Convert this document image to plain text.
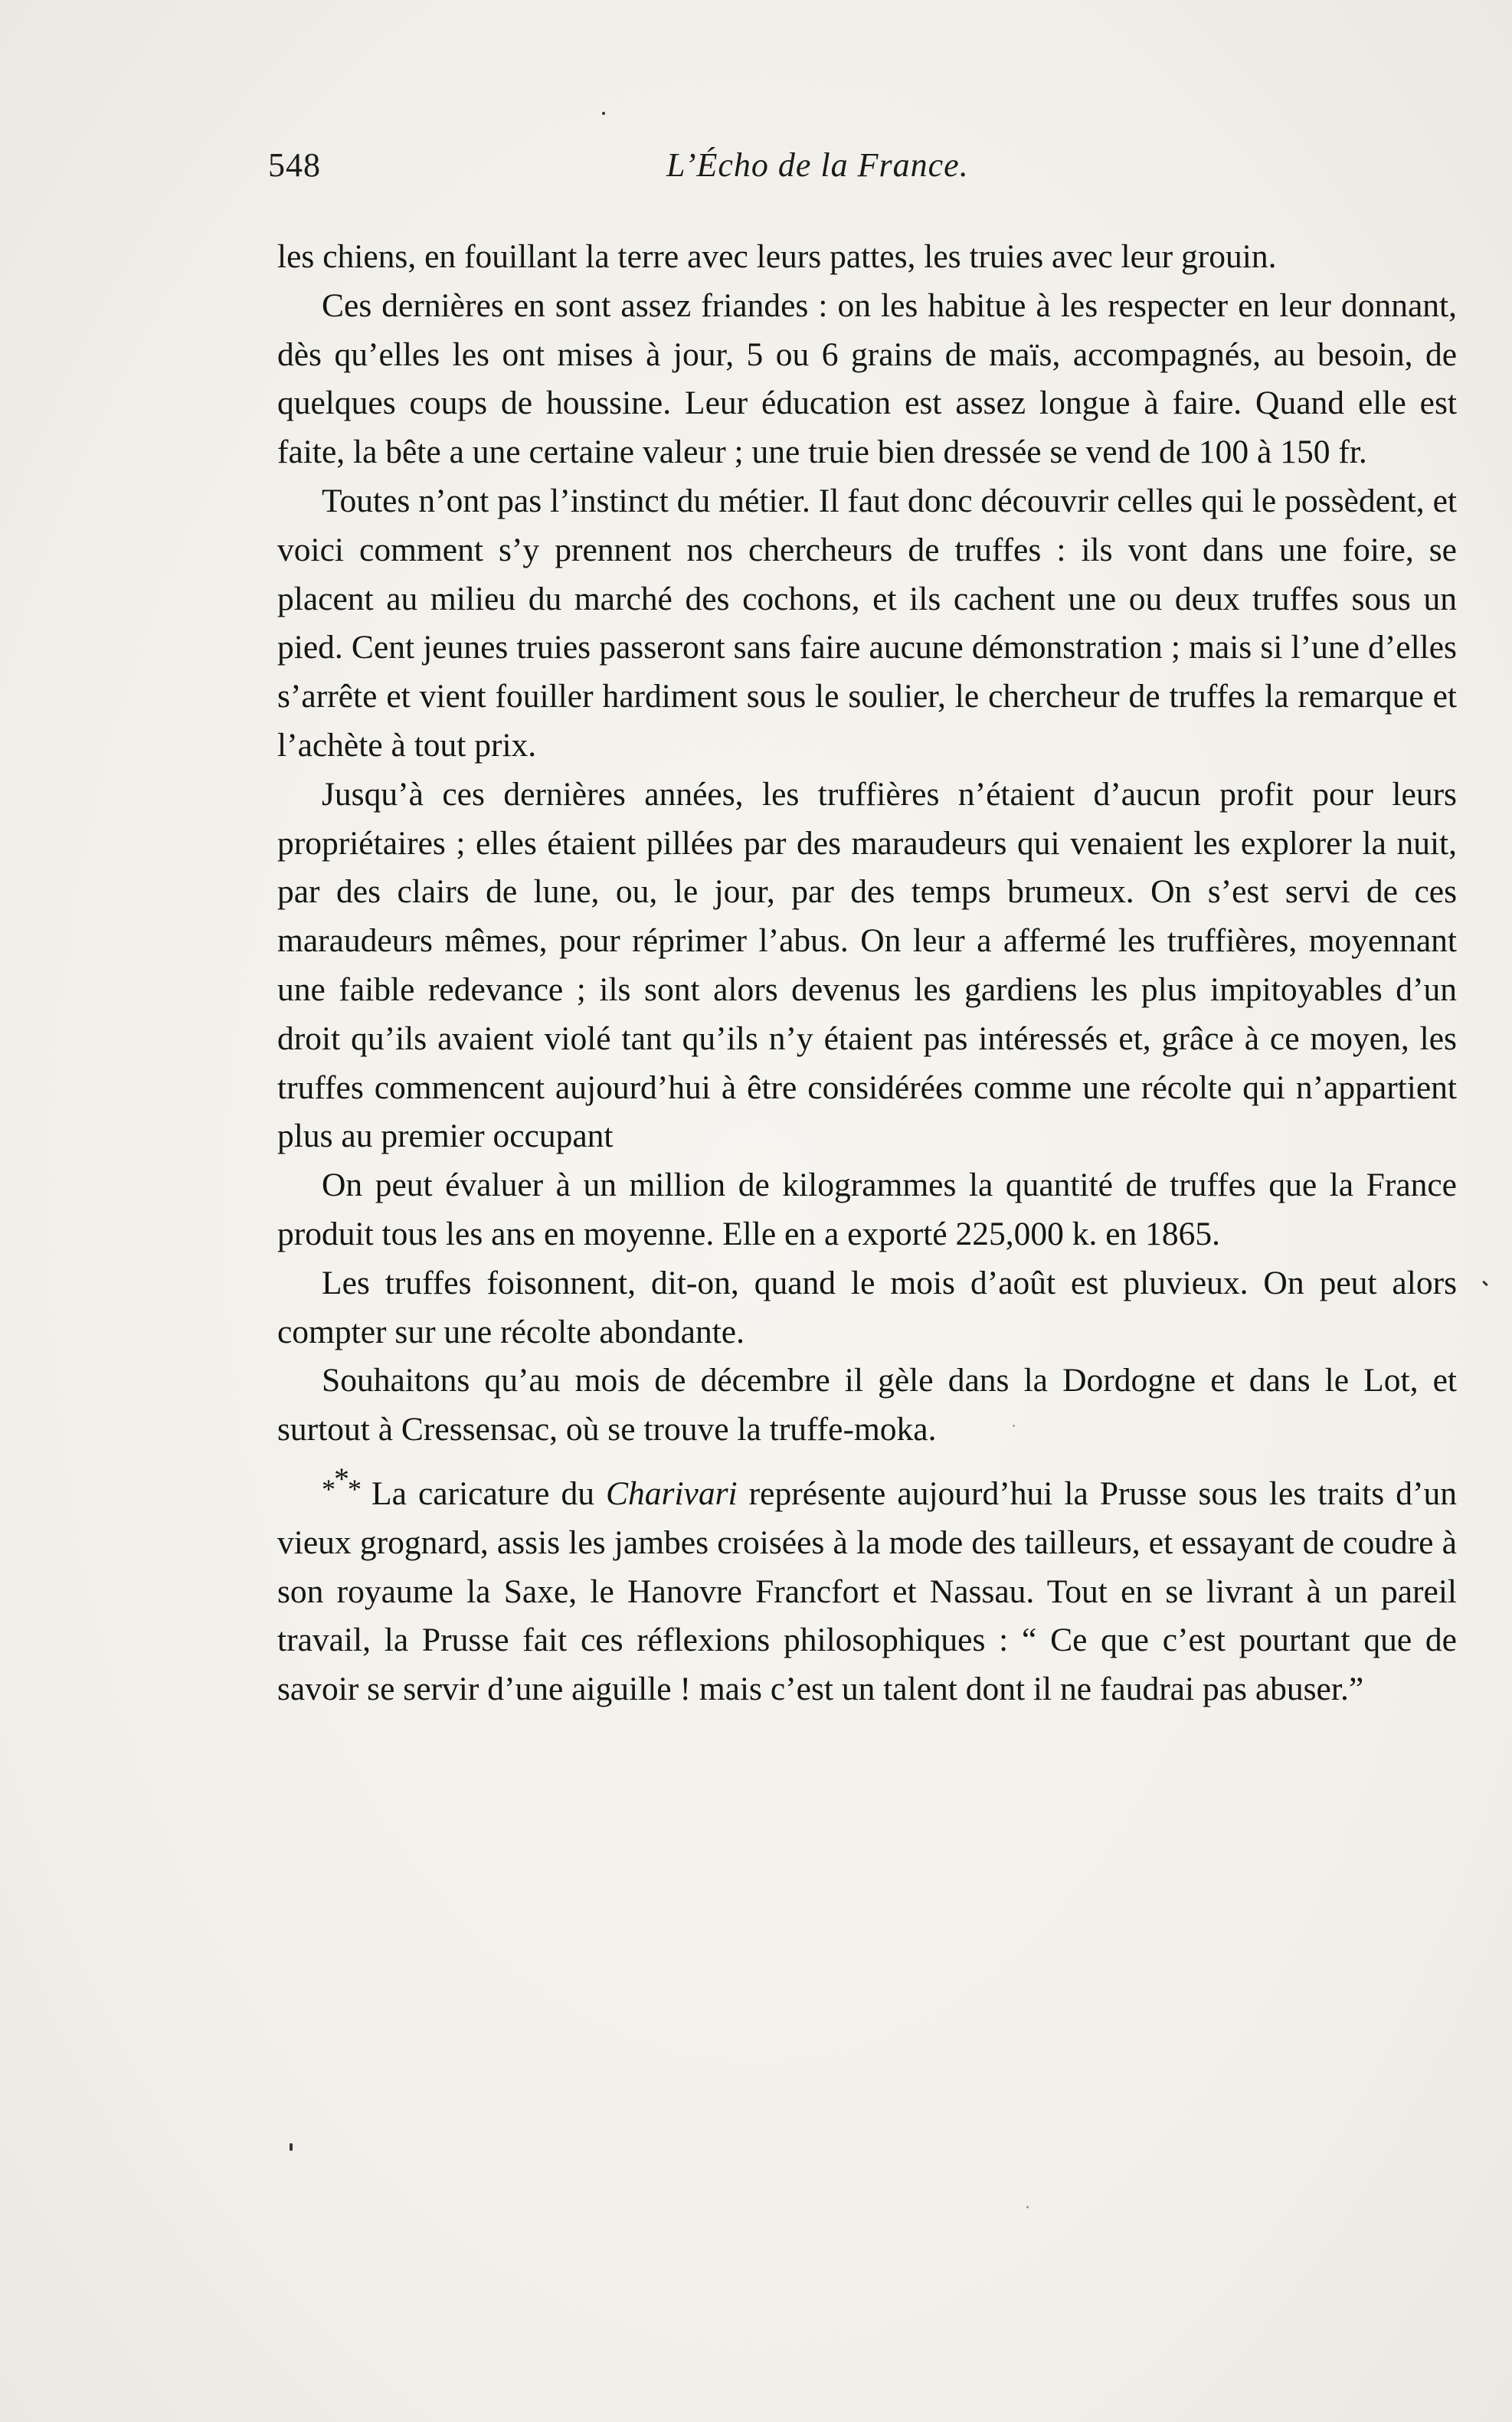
548	L’Écho de la France.

les chiens, en fouillant la terre avec leurs pattes, les truies avec leur grouin.

Ces dernières en sont assez friandes : on les habitue à les respecter en leur donnant, dès qu’elles les ont mises à jour, 5 ou 6 grains de maïs, accompagnés, au besoin, de quelques coups de houssine. Leur éducation est assez longue à faire. Quand elle est faite, la bête a une certaine valeur ; une truie bien dressée se vend de 100 à 150 fr.

Toutes n’ont pas l’instinct du métier. Il faut donc découvrir celles qui le possèdent, et voici comment s’y prennent nos chercheurs de truffes : ils vont dans une foire, se placent au milieu du marché des cochons, et ils cachent une ou deux truffes sous un pied. Cent jeunes truies passeront sans faire aucune démonstration ; mais si l’une d’elles s’arrête et vient fouiller hardiment sous le soulier, le chercheur de truffes la remarque et l’achète à tout prix.

Jusqu’à ces dernières années, les truffières n’étaient d’aucun profit pour leurs propriétaires ; elles étaient pillées par des maraudeurs qui venaient les explorer la nuit, par des clairs de lune, ou, le jour, par des temps brumeux. On s’est servi de ces maraudeurs mêmes, pour réprimer l’abus. On leur a affermé les truffières, moyennant une faible redevance ; ils sont alors devenus les gardiens les plus impitoyables d’un droit qu’ils avaient violé tant qu’ils n’y étaient pas intéressés et, grâce à ce moyen, les truffes commencent aujourd’hui à être considérées comme une récolte qui n’appartient plus au premier occupant

On peut évaluer à un million de kilogrammes la quantité de truffes que la France produit tous les ans en moyenne. Elle en a exporté 225,000 k. en 1865.

Les truffes foisonnent, dit-on, quand le mois d’août est pluvieux. On peut alors compter sur une récolte abondante.

Souhaitons qu’au mois de décembre il gèle dans la Dordogne et dans le Lot, et surtout à Cressensac, où se trouve la truffe-moka.

*** La caricature du Charivari représente aujourd’hui la Prusse sous les traits d’un vieux grognard, assis les jambes croisées à la mode des tailleurs, et essayant de coudre à son royaume la Saxe, le Hanovre Francfort et Nassau. Tout en se livrant à un pareil travail, la Prusse fait ces réflexions philosophiques : “ Ce que c’est pourtant que de savoir se servir d’une aiguille ! mais c’est un talent dont il ne faudrai pas abuser.”
